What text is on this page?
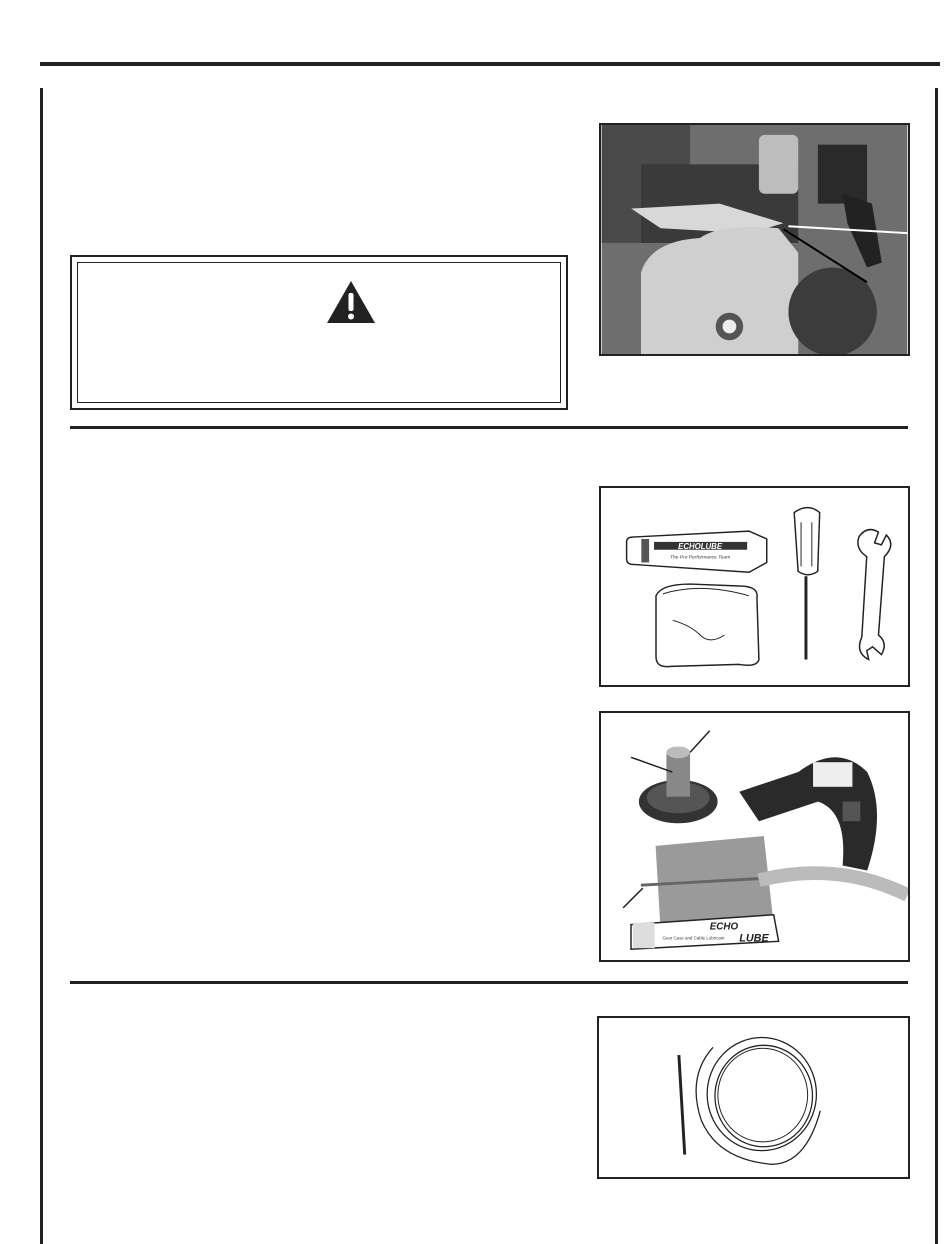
ECHOLUBE
The Pro Performance Team
ECHO
LUBE
Gear Case and Cable Lubricant
